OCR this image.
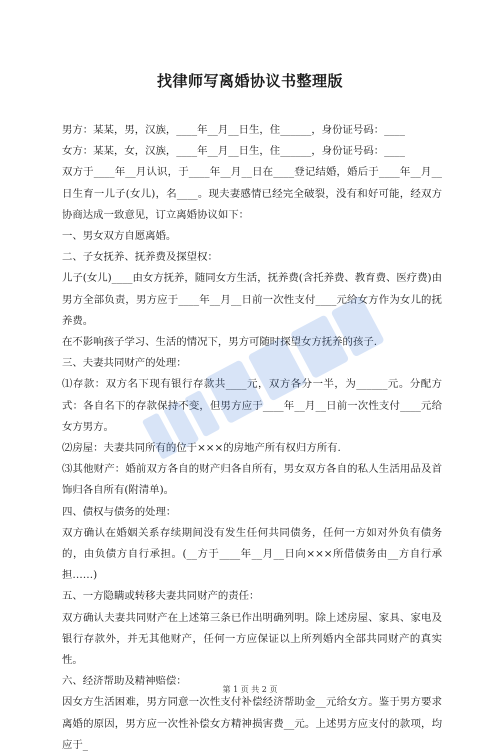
找律师写离婚协议书整理版

男方：某某，男，汉族，____年__月__日生，住______，身份证号码：____

女方：某某，女，汉族，____年__月__日生，住______，身份证号码：____

双方于____年__月认识，于____年__月__日在____登记结婚，婚后于____年__月__日生育一儿子(女儿)，名____。现夫妻感情已经完全破裂，没有和好可能，经双方协商达成一致意见，订立离婚协议如下：

一、男女双方自愿离婚。

二、子女抚养、抚养费及探望权：

儿子(女儿)____由女方抚养，随同女方生活，抚养费(含托养费、教育费、医疗费)由男方全部负责，男方应于____年__月__日前一次性支付____元给女方作为女儿的抚养费。

在不影响孩子学习、生活的情况下，男方可随时探望女方抚养的孩子.

三、夫妻共同财产的处理：

⑴存款：双方名下现有银行存款共____元，双方各分一半，为______元。分配方式：各自名下的存款保持不变，但男方应于____年__月__日前一次性支付____元给女方男方。

⑵房屋：夫妻共同所有的位于×××的房地产所有权归方所有.

⑶其他财产：婚前双方各自的财产归各自所有，男女双方各自的私人生活用品及首饰归各自所有(附清单)。

四、债权与债务的处理：

双方确认在婚姻关系存续期间没有发生任何共同债务，任何一方如对外负有债务的，由负债方自行承担。(__方于____年__月__日向×××所借债务由__方自行承担……)

五、一方隐瞒或转移夫妻共同财产的责任：

双方确认夫妻共同财产在上述第三条已作出明确列明。除上述房屋、家具、家电及银行存款外，并无其他财产，任何一方应保证以上所列婚内全部共同财产的真实性。

六、经济帮助及精神赔偿：

因女方生活困难，男方同意一次性支付补偿经济帮助金__元给女方。鉴于男方要求离婚的原因，男方应一次性补偿女方精神损害费__元。上述男方应支付的款项，均应于_

第 1 页 共 2 页
